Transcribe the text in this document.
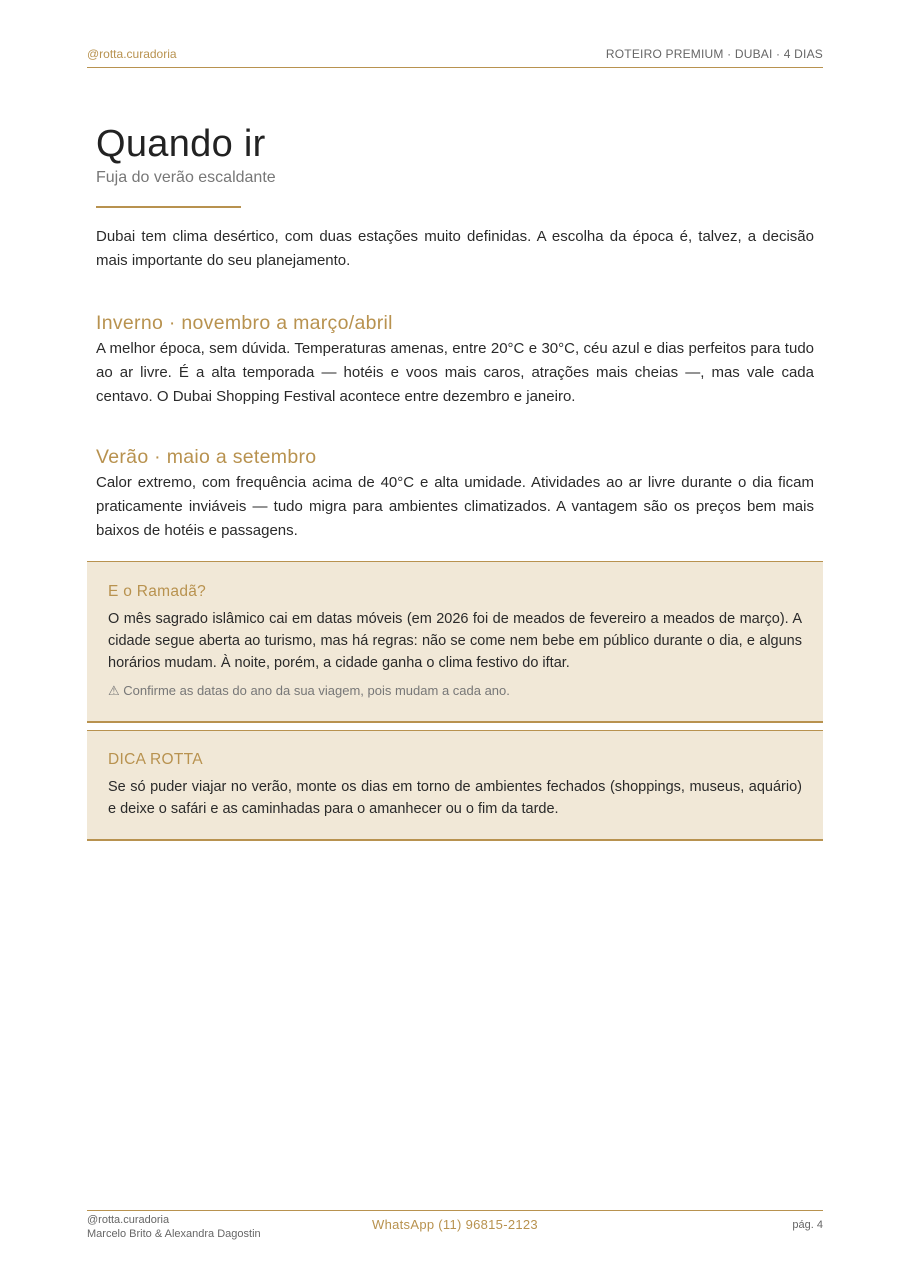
@rotta.curadoria	ROTEIRO PREMIUM · DUBAI · 4 DIAS
Quando ir
Fuja do verão escaldante

Dubai tem clima desértico, com duas estações muito definidas. A escolha da época é, talvez, a decisão mais importante do seu planejamento.

Inverno · novembro a março/abril

A melhor época, sem dúvida. Temperaturas amenas, entre 20°C e 30°C, céu azul e dias perfeitos para tudo ao ar livre. É a alta temporada — hotéis e voos mais caros, atrações mais cheias —, mas vale cada centavo. O Dubai Shopping Festival acontece entre dezembro e janeiro.

Verão · maio a setembro

Calor extremo, com frequência acima de 40°C e alta umidade. Atividades ao ar livre durante o dia ficam praticamente inviáveis — tudo migra para ambientes climatizados. A vantagem são os preços bem mais baixos de hotéis e passagens.

E o Ramadã?
O mês sagrado islâmico cai em datas móveis (em 2026 foi de meados de fevereiro a meados de março). A cidade segue aberta ao turismo, mas há regras: não se come nem bebe em público durante o dia, e alguns horários mudam. À noite, porém, a cidade ganha o clima festivo do iftar.
⚠ Confirme as datas do ano da sua viagem, pois mudam a cada ano.
DICA ROTTA
Se só puder viajar no verão, monte os dias em torno de ambientes fechados (shoppings, museus, aquário) e deixe o safári e as caminhadas para o amanhecer ou o fim da tarde.
@rotta.curadoria
Marcelo Brito & Alexandra Dagostin
WhatsApp (11) 96815-2123	pág. 4
